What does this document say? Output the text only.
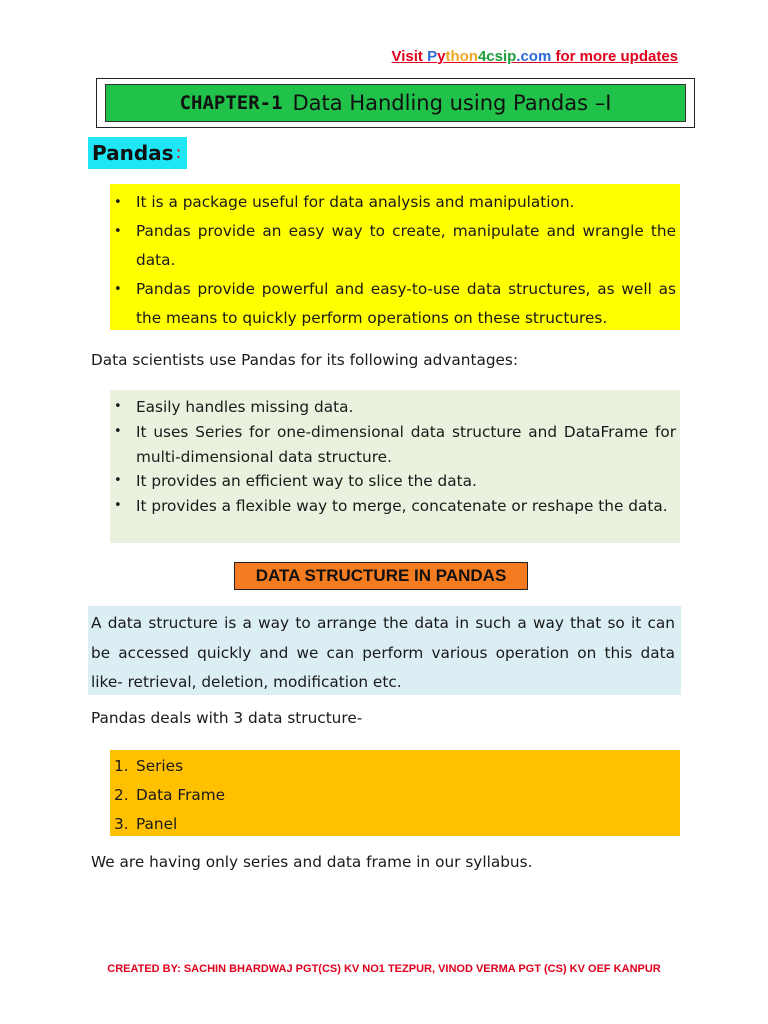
Visit Python4csip.com for more updates
CHAPTER-1 Data Handling using Pandas –I
Pandas :
• It is a package useful for data analysis and manipulation.
• Pandas provide an easy way to create, manipulate and wrangle the data.
• Pandas provide powerful and easy-to-use data structures, as well as the means to quickly perform operations on these structures.
Data scientists use Pandas for its following advantages:
• Easily handles missing data.
• It uses Series for one-dimensional data structure and DataFrame for multi-dimensional data structure.
• It provides an efficient way to slice the data.
• It provides a flexible way to merge, concatenate or reshape the data.
DATA STRUCTURE IN PANDAS
A data structure is a way to arrange the data in such a way that so it can be accessed quickly and we can perform various operation on this data like- retrieval, deletion, modification etc.
Pandas deals with 3 data structure-
1. Series
2. Data Frame
3. Panel
We are having only series and data frame in our syllabus.
CREATED BY: SACHIN BHARDWAJ PGT(CS) KV NO1 TEZPUR, VINOD VERMA PGT (CS) KV OEF KANPUR
